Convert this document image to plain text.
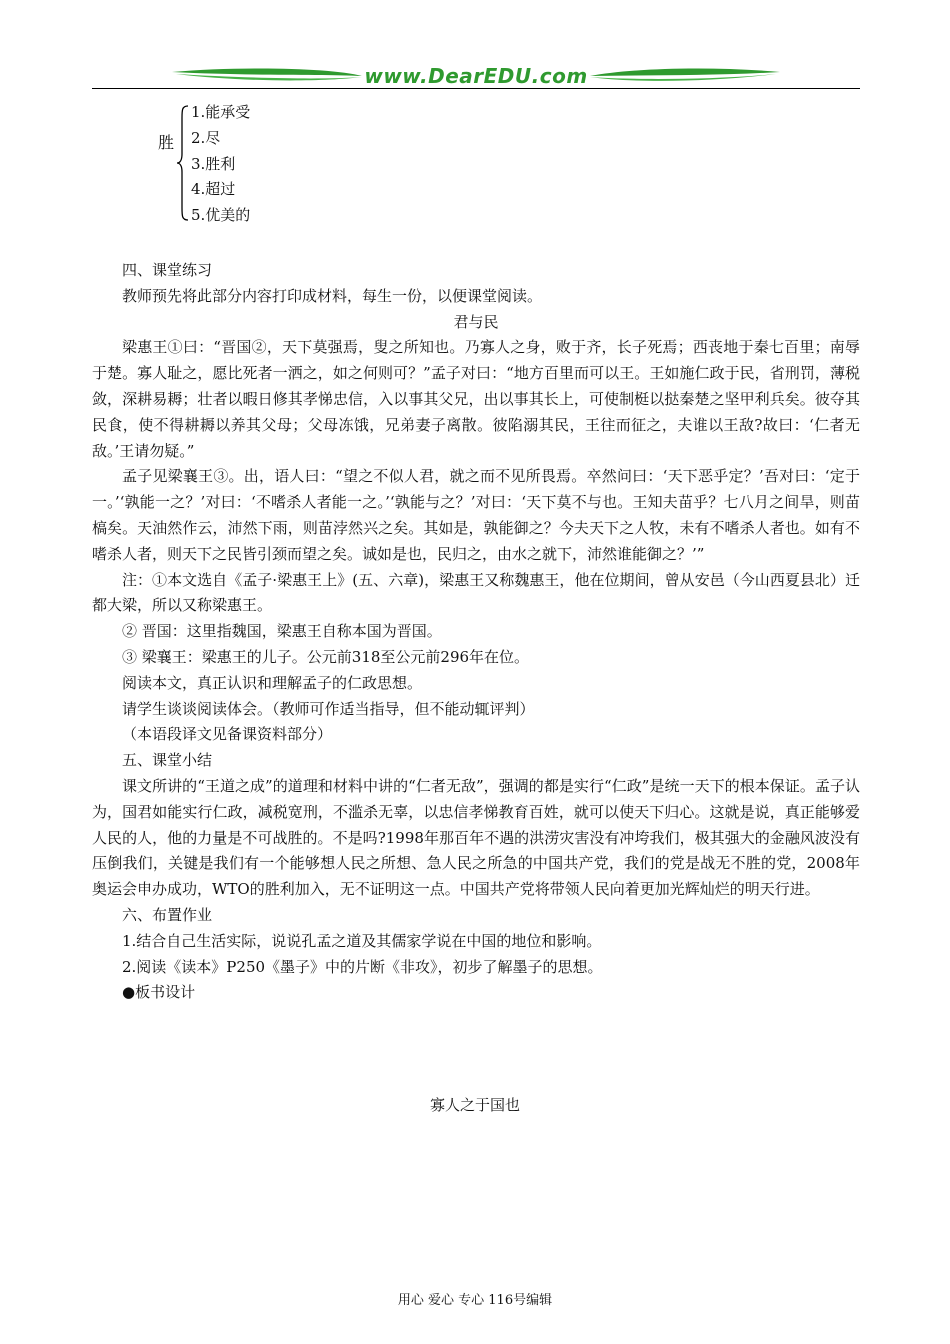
www.DearEDU.com
胜
1.能承受
2.尽
3.胜利
4.超过
5.优美的

四、课堂练习

教师预先将此部分内容打印成材料，每生一份，以便课堂阅读。

君与民

梁惠王①曰：“晋国②，天下莫强焉，叟之所知也。乃寡人之身，败于齐，长子死焉；西丧地于秦七百里；南辱于楚。寡人耻之，愿比死者一洒之，如之何则可？”孟子对曰：“地方百里而可以王。王如施仁政于民，省刑罚，薄税敛，深耕易耨；壮者以暇日修其孝悌忠信，入以事其父兄，出以事其长上，可使制梃以挞秦楚之坚甲利兵矣。彼夺其民食，使不得耕耨以养其父母；父母冻饿，兄弟妻子离散。彼陷溺其民，王往而征之，夫谁以王敌?故曰：‘仁者无敌。’王请勿疑。”

孟子见梁襄王③。出，语人曰：“望之不似人君，就之而不见所畏焉。卒然问曰：‘天下恶乎定？’吾对曰：‘定于一。’‘孰能一之？’对曰：‘不嗜杀人者能一之。’‘孰能与之？’对曰：‘天下莫不与也。王知夫苗乎？七八月之间旱，则苗槁矣。天油然作云，沛然下雨，则苗浡然兴之矣。其如是，孰能御之？今夫天下之人牧，未有不嗜杀人者也。如有不嗜杀人者，则天下之民皆引颈而望之矣。诚如是也，民归之，由水之就下，沛然谁能御之？’”

注：①本文选自《孟子·梁惠王上》(五、六章)，梁惠王又称魏惠王，他在位期间，曾从安邑（今山西夏县北）迁都大梁，所以又称梁惠王。

② 晋国：这里指魏国，梁惠王自称本国为晋国。

③ 梁襄王：梁惠王的儿子。公元前318至公元前296年在位。

阅读本文，真正认识和理解孟子的仁政思想。

请学生谈谈阅读体会。（教师可作适当指导，但不能动辄评判）

（本语段译文见备课资料部分）

五、课堂小结

课文所讲的“王道之成”的道理和材料中讲的“仁者无敌”，强调的都是实行“仁政”是统一天下的根本保证。孟子认为，国君如能实行仁政，减税宽刑，不滥杀无辜，以忠信孝悌教育百姓，就可以使天下归心。这就是说，真正能够爱人民的人，他的力量是不可战胜的。不是吗?1998年那百年不遇的洪涝灾害没有冲垮我们，极其强大的金融风波没有压倒我们，关键是我们有一个能够想人民之所想、急人民之所急的中国共产党，我们的党是战无不胜的党，2008年奥运会申办成功，WTO的胜利加入，无不证明这一点。中国共产党将带领人民向着更加光辉灿烂的明天行进。

六、布置作业

1.结合自己生活实际，说说孔孟之道及其儒家学说在中国的地位和影响。

2.阅读《读本》P250《墨子》中的片断《非攻》，初步了解墨子的思想。

●板书设计

寡人之于国也
用心 爱心 专心 116号编辑
